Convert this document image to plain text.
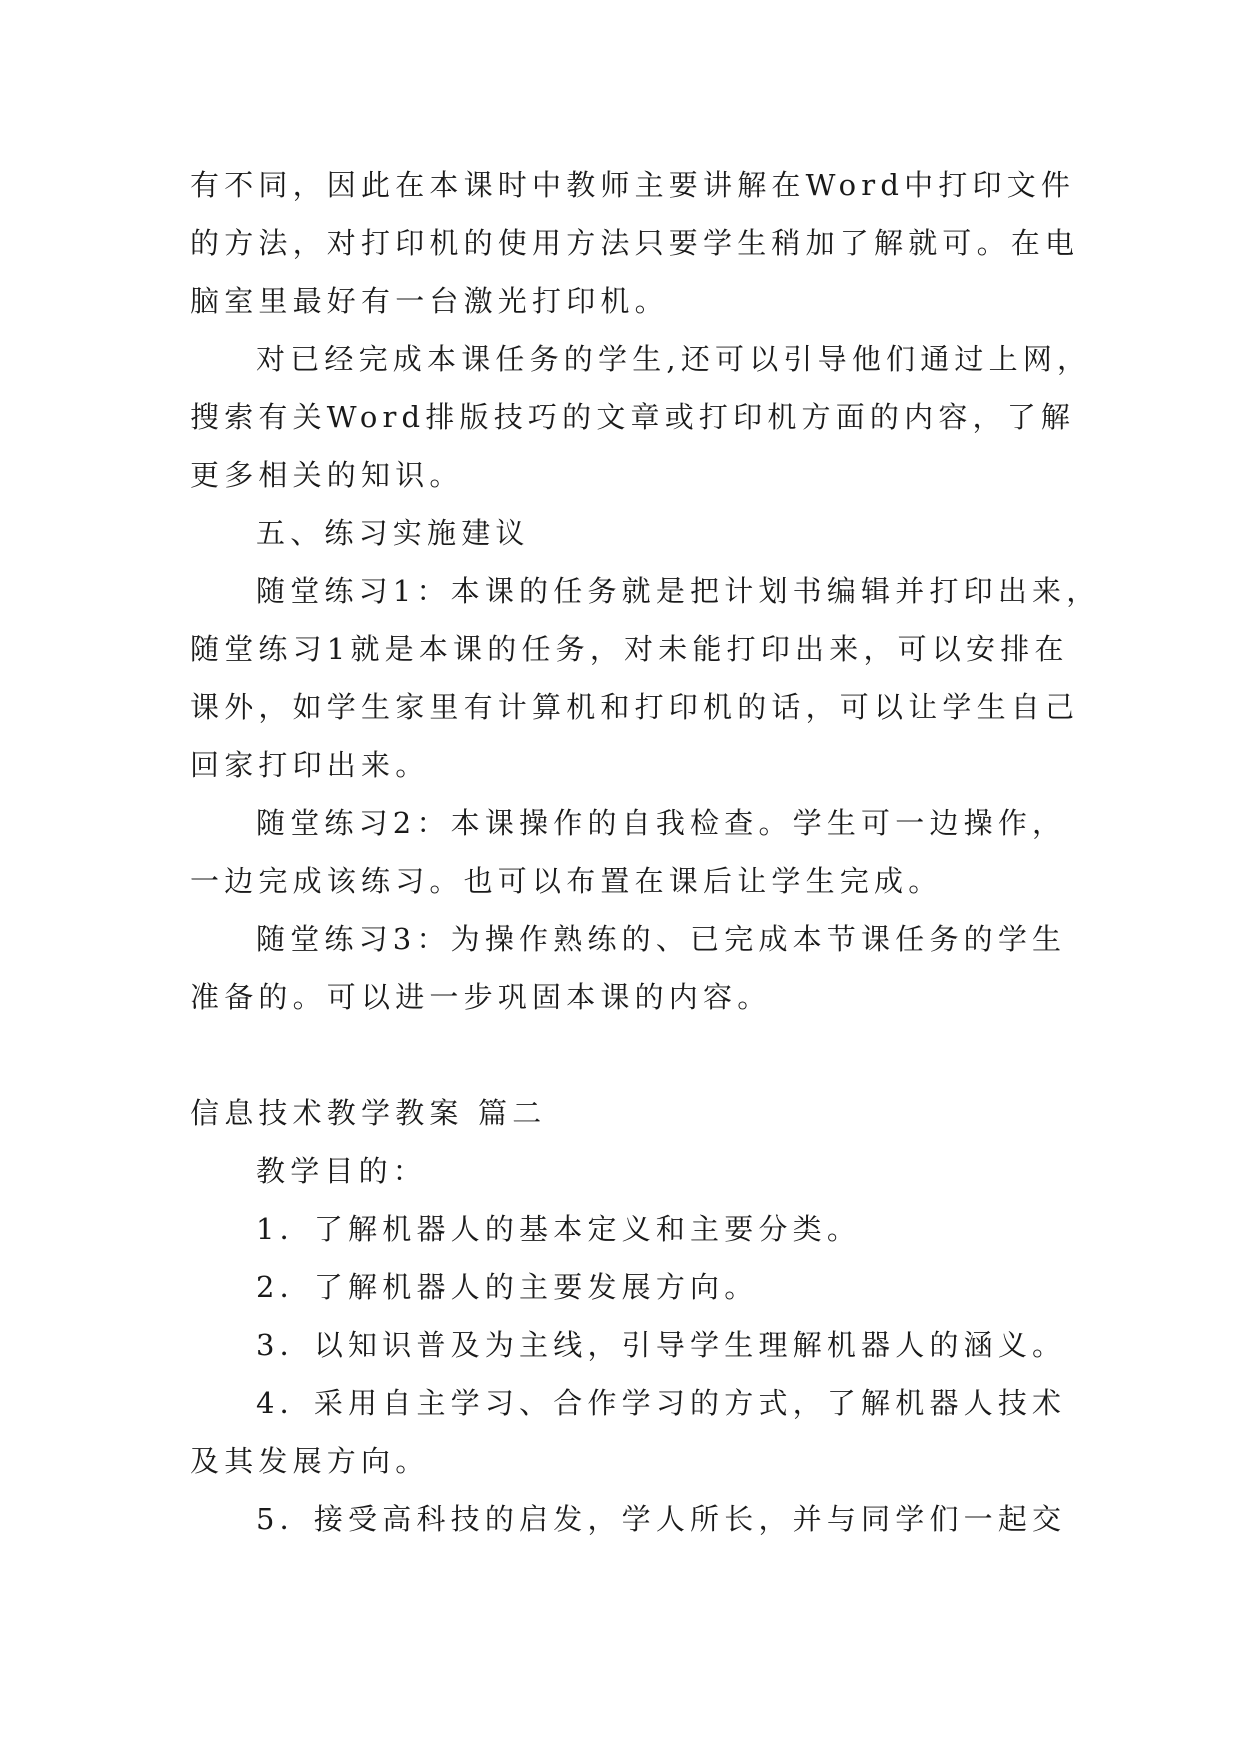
有不同，因此在本课时中教师主要讲解在Word中打印文件
的方法，对打印机的使用方法只要学生稍加了解就可。在电
脑室里最好有一台激光打印机。
对已经完成本课任务的学生,还可以引导他们通过上网，
搜索有关Word排版技巧的文章或打印机方面的内容，了解
更多相关的知识。
五、练习实施建议
随堂练习1：本课的任务就是把计划书编辑并打印出来，
随堂练习1就是本课的任务，对未能打印出来，可以安排在
课外，如学生家里有计算机和打印机的话，可以让学生自己
回家打印出来。
随堂练习2：本课操作的自我检查。学生可一边操作，
一边完成该练习。也可以布置在课后让学生完成。
随堂练习3：为操作熟练的、已完成本节课任务的学生
准备的。可以进一步巩固本课的内容。
信息技术教学教案 篇二
教学目的：
1．了解机器人的基本定义和主要分类。
2．了解机器人的主要发展方向。
3．以知识普及为主线，引导学生理解机器人的涵义。
4．采用自主学习、合作学习的方式，了解机器人技术
及其发展方向。
5．接受高科技的启发，学人所长，并与同学们一起交
